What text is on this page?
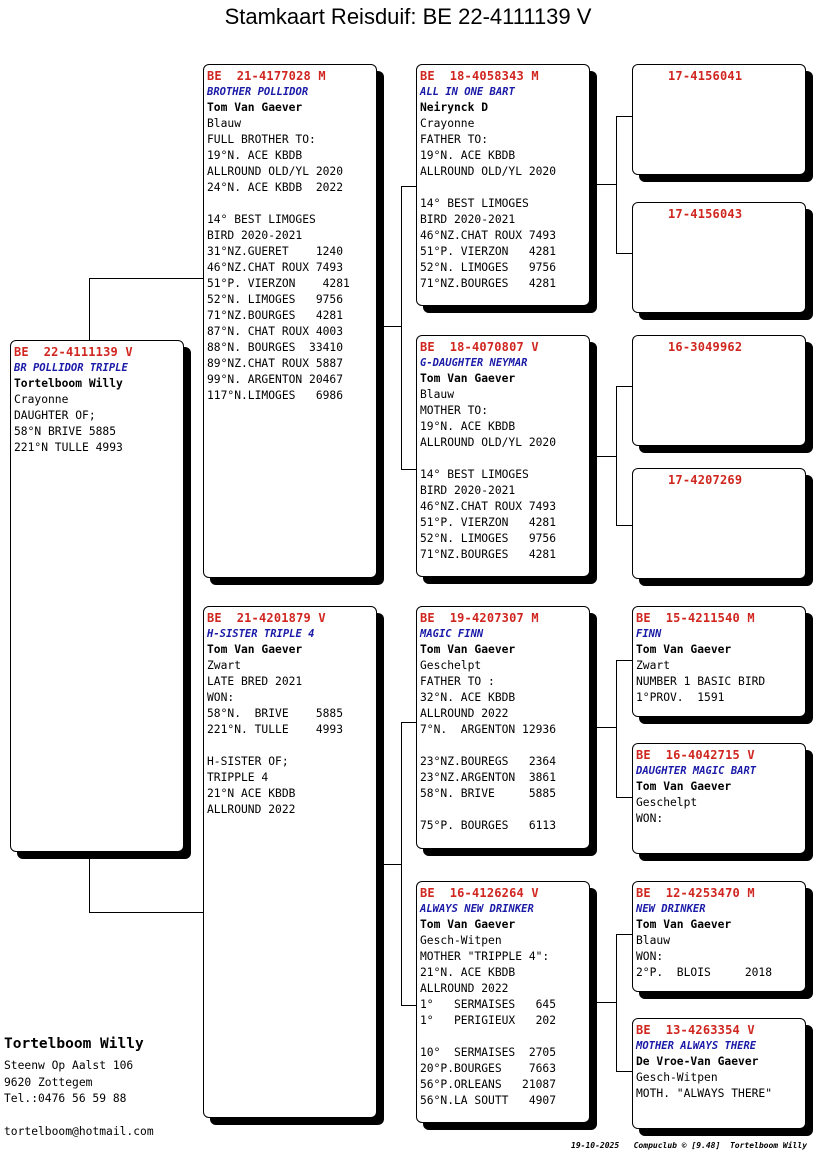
Stamkaart Reisduif: BE 22-4111139 V
BE  22-4111139 V
BR POLLIDOR TRIPLE
Tortelboom Willy
Crayonne
DAUGHTER OF;
58°N BRIVE 5885
221°N TULLE 4993
BE  21-4177028 M
BROTHER POLLIDOR
Tom Van Gaever
Blauw
FULL BROTHER TO:
19°N. ACE KBDB
ALLROUND OLD/YL 2020
24°N. ACE KBDB  2022
14° BEST LIMOGES
BIRD 2020-2021
31°NZ.GUERET    1240
46°NZ.CHAT ROUX 7493
51°P. VIERZON    4281
52°N. LIMOGES   9756
71°NZ.BOURGES   4281
87°N. CHAT ROUX 4003
88°N. BOURGES  33410
89°NZ.CHAT ROUX 5887
99°N. ARGENTON 20467
117°N.LIMOGES   6986
BE  21-4201879 V
H-SISTER TRIPLE 4
Tom Van Gaever
Zwart
LATE BRED 2021
WON:
58°N.  BRIVE    5885
221°N. TULLE    4993
H-SISTER OF;
TRIPPLE 4
21°N ACE KBDB
ALLROUND 2022
BE  18-4058343 M
ALL IN ONE BART
Neirynck D
Crayonne
FATHER TO:
19°N. ACE KBDB
ALLROUND OLD/YL 2020
14° BEST LIMOGES
BIRD 2020-2021
46°NZ.CHAT ROUX 7493
51°P. VIERZON   4281
52°N. LIMOGES   9756
71°NZ.BOURGES   4281
BE  18-4070807 V
G-DAUGHTER NEYMAR
Tom Van Gaever
Blauw
MOTHER TO:
19°N. ACE KBDB
ALLROUND OLD/YL 2020
14° BEST LIMOGES
BIRD 2020-2021
46°NZ.CHAT ROUX 7493
51°P. VIERZON   4281
52°N. LIMOGES   9756
71°NZ.BOURGES   4281
BE  19-4207307 M
MAGIC FINN
Tom Van Gaever
Geschelpt
FATHER TO :
32°N. ACE KBDB
ALLROUND 2022
7°N.  ARGENTON 12936
23°NZ.BOUREGS   2364
23°NZ.ARGENTON  3861
58°N. BRIVE     5885
75°P. BOURGES   6113
BE  16-4126264 V
ALWAYS NEW DRINKER
Tom Van Gaever
Gesch-Witpen
MOTHER "TRIPPLE 4":
21°N. ACE KBDB
ALLROUND 2022
1°   SERMAISES   645
1°   PERIGIEUX   202
10°  SERMAISES  2705
20°P.BOURGES    7663
56°P.ORLEANS   21087
56°N.LA SOUTT   4907
17-4156041
17-4156043
16-3049962
17-4207269
BE  15-4211540 M
FINN
Tom Van Gaever
Zwart
NUMBER 1 BASIC BIRD
1°PROV.  1591
BE  16-4042715 V
DAUGHTER MAGIC BART
Tom Van Gaever
Geschelpt
WON:
BE  12-4253470 M
NEW DRINKER
Tom Van Gaever
Blauw
WON:
2°P.  BLOIS     2018
BE  13-4263354 V
MOTHER ALWAYS THERE
De Vroe-Van Gaever
Gesch-Witpen
MOTH. "ALWAYS THERE"
Tortelboom Willy
Steenw Op Aalst 106
9620 Zottegem
Tel.:0476 56 59 88
tortelboom@hotmail.com
19-10-2025   Compuclub © [9.48]  Tortelboom Willy
